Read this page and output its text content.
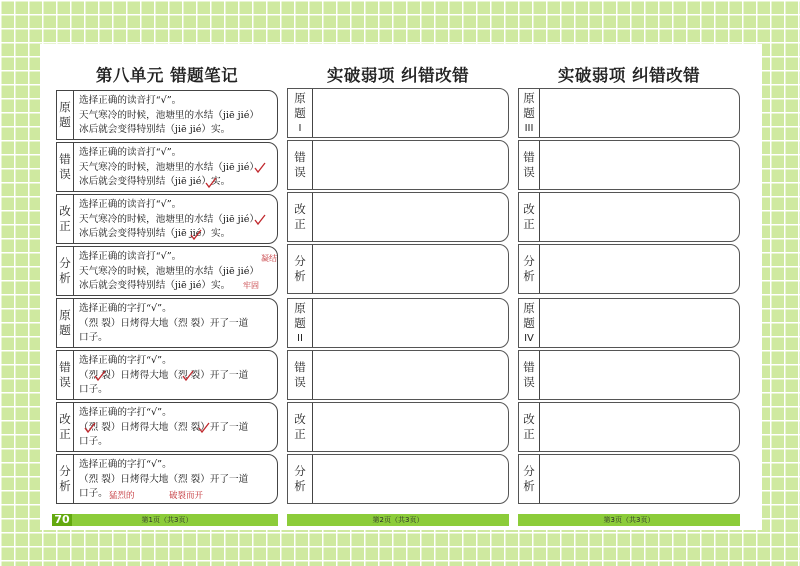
第八单元 错题笔记
原
题
选择正确的读音打“√”。
天气寒冷的时候，池塘里的水结（jiē jié）
冰后就会变得特别结（jiē jié）实。
错
误
选择正确的读音打“√”。
天气寒冷的时候，池塘里的水结（jiē jié）
冰后就会变得特别结（jiē jié）实。
改
正
选择正确的读音打“√”。
天气寒冷的时候，池塘里的水结（jiē jié）
冰后就会变得特别结（jiē jié）实。
分
析
选择正确的读音打“√”。
天气寒冷的时候，池塘里的水结（jiē jié）
冰后就会变得特别结（jiē jié）实。
凝结
牢固
原
题
选择正确的字打“√”。
（烈 裂）日烤得大地（烈 裂）开了一道
口子。
错
误
选择正确的字打“√”。
（烈 裂）日烤得大地（烈 裂）开了一道
口子。
改
正
选择正确的字打“√”。
（烈 裂）日烤得大地（烈 裂）开了一道
口子。
分
析
选择正确的字打“√”。
（烈 裂）日烤得大地（烈 裂）开了一道
口子。 猛烈的	破裂而开
70	第1页（共3页）
实破弱项 纠错改错
原
题
I
错
误
改
正
分
析
原
题
II
错
误
改
正
分
析
第2页（共3页）
实破弱项 纠错改错
原
题
III
错
误
改
正
分
析
原
题
IV
错
误
改
正
分
析
第3页（共3页）
